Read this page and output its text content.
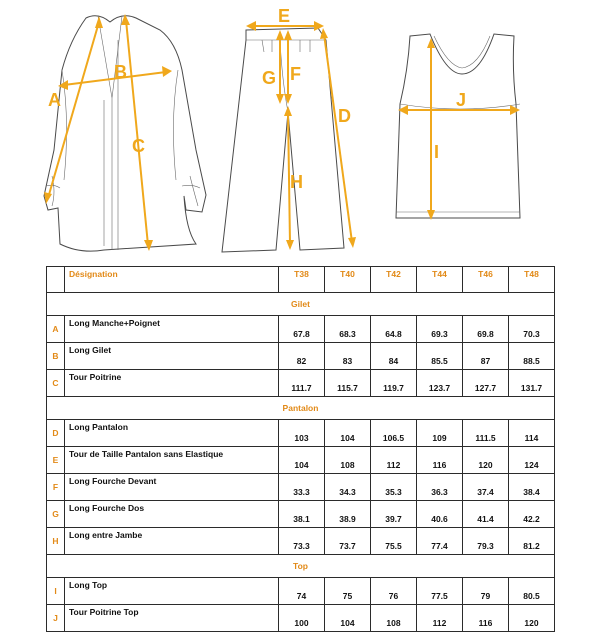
A
B
C
E
G F
H
D
J
I
	Désignation	T38	T40	T42	T44	T46	T48
Gilet							
A	Long Manche+Poignet	67.8	68.3	64.8	69.3	69.8	70.3
B	Long Gilet	82	83	84	85.5	87	88.5
C	Tour Poitrine	111.7	115.7	119.7	123.7	127.7	131.7
Pantalon							
D	Long Pantalon	103	104	106.5	109	111.5	114
E	Tour de Taille Pantalon sans Elastique	104	108	112	116	120	124
F	Long Fourche Devant	33.3	34.3	35.3	36.3	37.4	38.4
G	Long Fourche Dos	38.1	38.9	39.7	40.6	41.4	42.2
H	Long entre Jambe	73.3	73.7	75.5	77.4	79.3	81.2
Top							
I	Long Top	74	75	76	77.5	79	80.5
J	Tour Poitrine Top	100	104	108	112	116	120
